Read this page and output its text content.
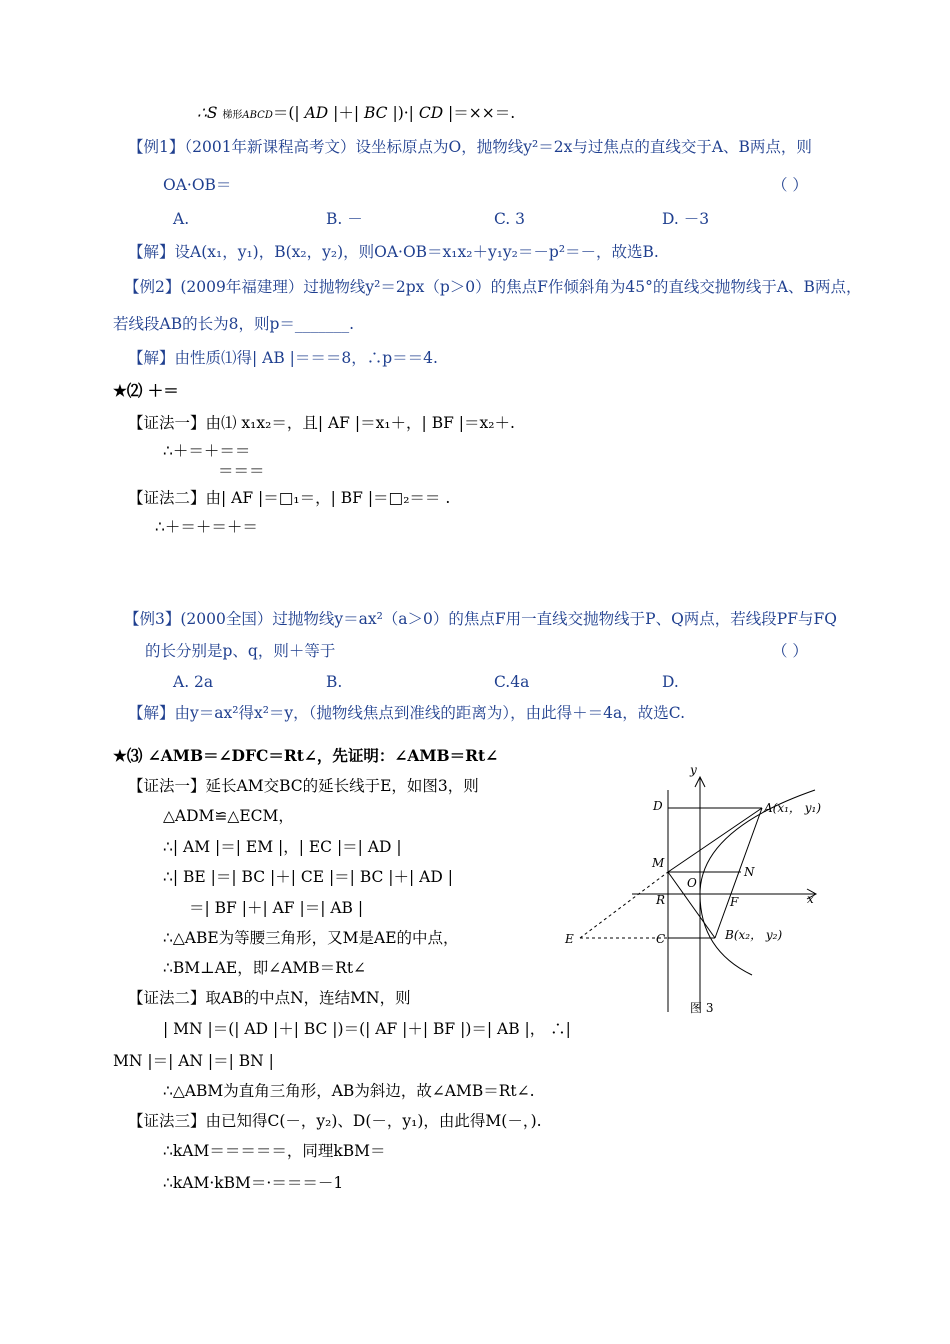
∴S 梯形ABCD＝(| AD |＋| BC |)·| CD |＝××＝.
【例1】（2001年新课程高考文）设坐标原点为O，抛物线y²＝2x与过焦点的直线交于A、B两点，则
OA·OB＝	（ ）
A.	B. －	C. 3	D. －3
【解】设A(x₁，y₁)，B(x₂，y₂)，则OA·OB＝x₁x₂＋y₁y₂＝－p²＝－，故选B.
【例2】(2009年福建理）过抛物线y²＝2px（p＞0）的焦点F作倾斜角为45°的直线交抛物线于A、B两点，
若线段AB的长为8，则p＝_______.
【解】由性质⑴得| AB |＝＝＝8，∴p＝＝4.
★⑵ ＋＝
【证法一】由⑴ x₁x₂＝，且| AF |＝x₁＋，| BF |＝x₂＋.
∴＋＝＋＝＝
＝＝＝
【证法二】由| AF |＝□₁＝，| BF |＝□₂＝＝ .
∴＋＝＋＝＋＝
【例3】(2000全国）过抛物线y＝ax²（a＞0）的焦点F用一直线交抛物线于P、Q两点，若线段PF与FQ
的长分别是p、q，则＋等于	（ ）
A. 2a	B.	C.4a	D.
【解】由y＝ax²得x²＝y，（抛物线焦点到准线的距离为），由此得＋＝4a，故选C.
★⑶ ∠AMB＝∠DFC＝Rt∠，先证明：∠AMB＝Rt∠
【证法一】延长AM交BC的延长线于E，如图3，则
△ADM≌△ECM，
∴| AM |＝| EM |，| EC |＝| AD |
∴| BE |＝| BC |＋| CE |＝| BC |＋| AD |
＝| BF |＋| AF |＝| AB |
∴△ABE为等腰三角形，又M是AE的中点，
∴BM⊥AE，即∠AMB＝Rt∠
【证法二】取AB的中点N，连结MN，则
| MN |＝(| AD |＋| BC |)＝(| AF |＋| BF |)＝| AB |， ∴|
MN |＝| AN |＝| BN |
∴△ABM为直角三角形，AB为斜边，故∠AMB＝Rt∠.
【证法三】由已知得C(－，y₂)、D(－，y₁)，由此得M(－，).
∴kAM＝＝＝＝＝，同理kBM＝
∴kAM·kBM＝·＝＝＝－1
y
D	A(x₁， y₁)
M
N
O
R	F	x
E	C	B(x₂， y₂)
图 3
